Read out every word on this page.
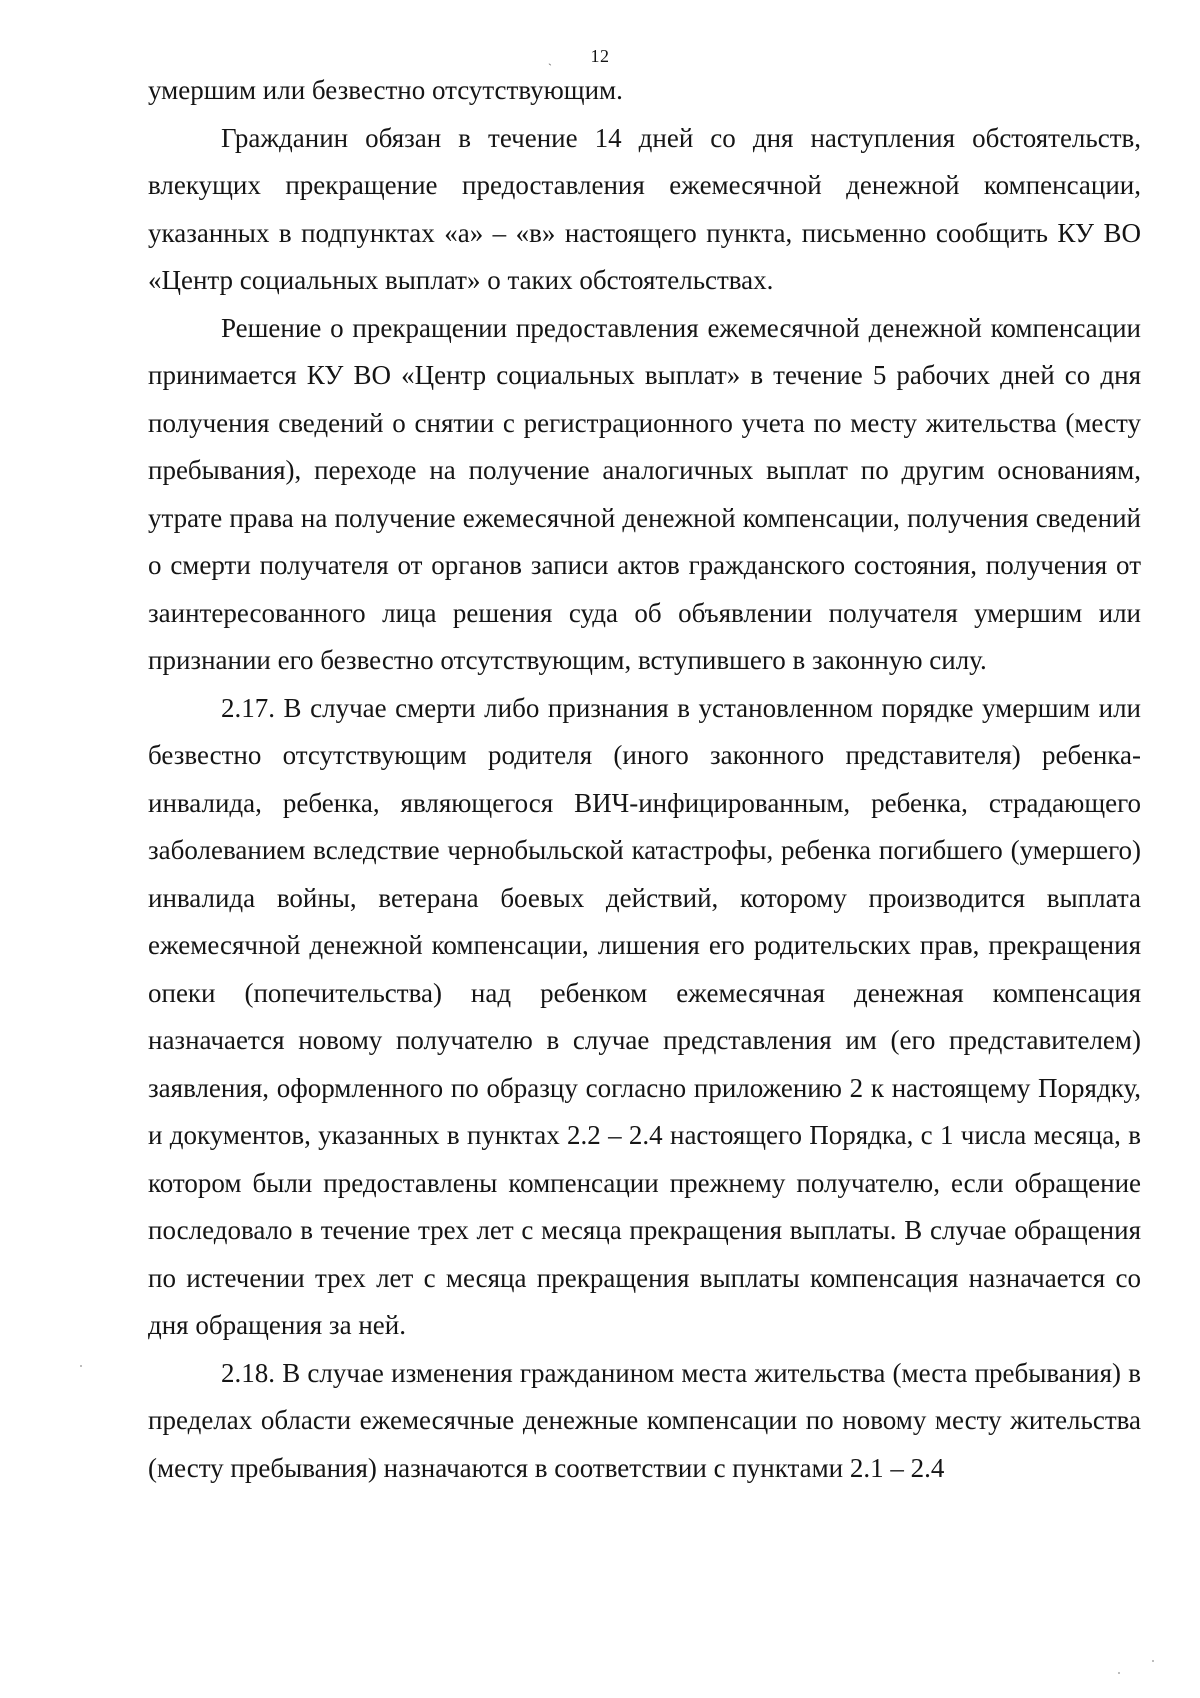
12
ˎ

умершим или безвестно отсутствующим.

Гражданин обязан в течение 14 дней со дня наступления обстоятельств, влекущих прекращение предоставления ежемесячной денежной компенсации, указанных в подпунктах «а» – «в» настоящего пункта, письменно сообщить КУ ВО «Центр социальных выплат» о таких обстоятельствах.

Решение о прекращении предоставления ежемесячной денежной компенсации принимается КУ ВО «Центр социальных выплат» в течение 5 рабочих дней со дня получения сведений о снятии с регистрационного учета по месту жительства (месту пребывания), переходе на получение аналогичных выплат по другим основаниям, утрате права на получение ежемесячной денежной компенсации, получения сведений о смерти получателя от органов записи актов гражданского состояния, получения от заинтересованного лица решения суда об объявлении получателя умершим или признании его безвестно отсутствующим, вступившего в законную силу.

2.17. В случае смерти либо признания в установленном порядке умершим или безвестно отсутствующим родителя (иного законного представителя) ребенка-инвалида, ребенка, являющегося ВИЧ-инфицированным, ребенка, страдающего заболеванием вследствие чернобыльской катастрофы, ребенка погибшего (умершего) инвалида войны, ветерана боевых действий, которому производится выплата ежемесячной денежной компенсации, лишения его родительских прав, прекращения опеки (попечительства) над ребенком ежемесячная денежная компенсация назначается новому получателю в случае представления им (его представителем) заявления, оформленного по образцу согласно приложению 2 к настоящему Порядку, и документов, указанных в пунктах 2.2 – 2.4 настоящего Порядка, с 1 числа месяца, в котором были предоставлены компенсации прежнему получателю, если обращение последовало в течение трех лет с месяца прекращения выплаты. В случае обращения по истечении трех лет с месяца прекращения выплаты компенсация назначается со дня обращения за ней.

2.18. В случае изменения гражданином места жительства (места пребывания) в пределах области ежемесячные денежные компенсации по новому месту жительства (месту пребывания) назначаются в соответствии с пунктами 2.1 – 2.4
